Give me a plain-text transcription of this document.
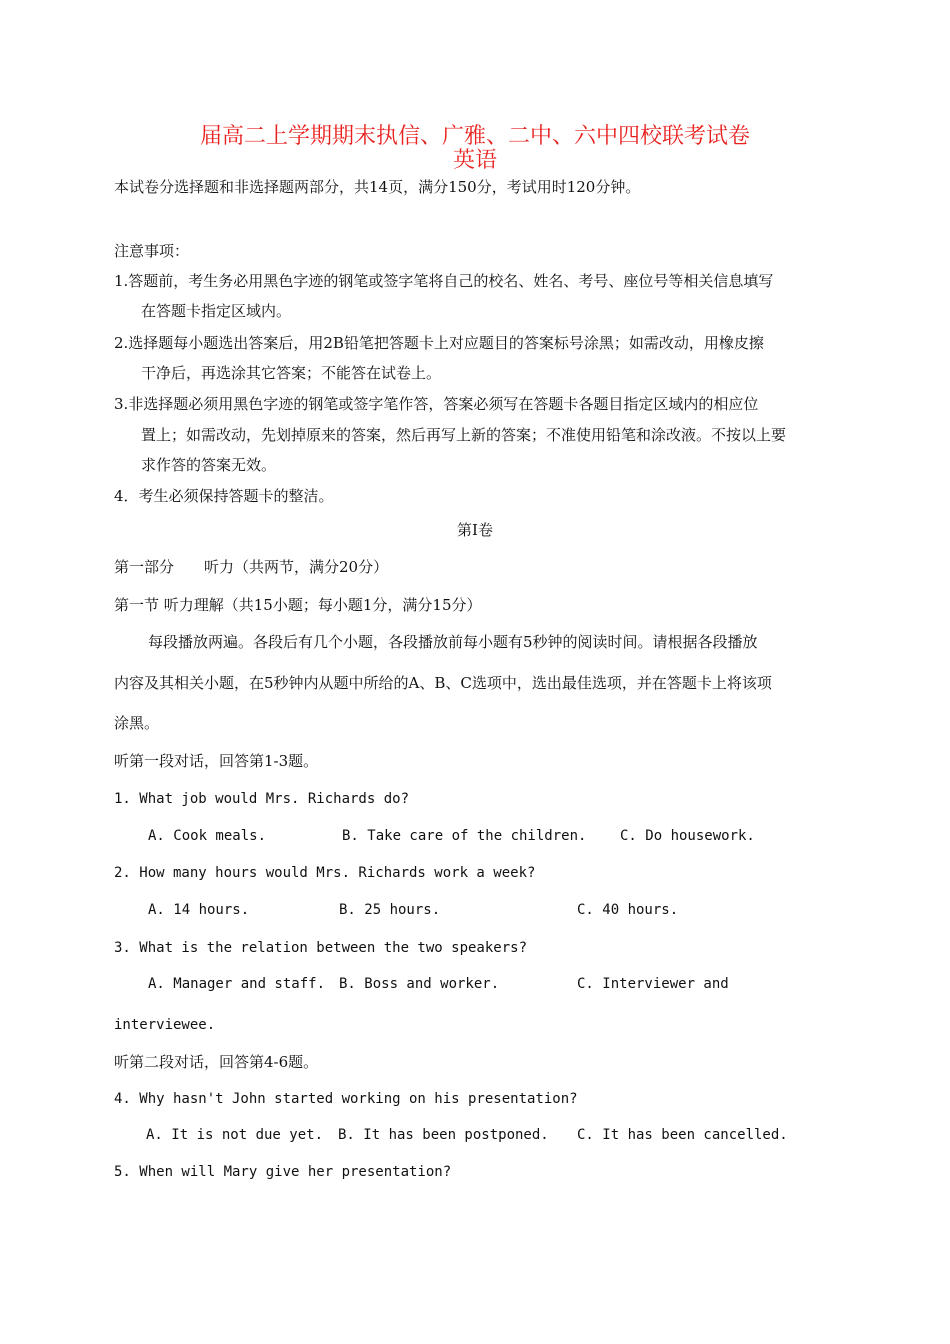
届高二上学期期末执信、广雅、二中、六中四校联考试卷
英语
本试卷分选择题和非选择题两部分，共14页，满分150分，考试用时120分钟。
注意事项：
1.答题前，考生务必用黑色字迹的钢笔或签字笔将自己的校名、姓名、考号、座位号等相关信息填写
在答题卡指定区域内。
2.选择题每小题选出答案后，用2B铅笔把答题卡上对应题目的答案标号涂黑；如需改动，用橡皮擦
干净后，再选涂其它答案；不能答在试卷上。
3.非选择题必须用黑色字迹的钢笔或签字笔作答，答案必须写在答题卡各题目指定区域内的相应位
置上；如需改动，先划掉原来的答案，然后再写上新的答案；不准使用铅笔和涂改液。不按以上要
求作答的答案无效。
4．考生必须保持答题卡的整洁。
第Ⅰ卷
第一部分　　听力（共两节，满分20分）
第一节 听力理解（共15小题；每小题1分，满分15分）
每段播放两遍。各段后有几个小题，各段播放前每小题有5秒钟的阅读时间。请根据各段播放
内容及其相关小题，在5秒钟内从题中所给的A、B、C选项中，选出最佳选项，并在答题卡上将该项
涂黑。
听第一段对话，回答第1-3题。
1. What job would Mrs. Richards do?
A. Cook meals.	B. Take care of the children. C. Do housework.
2. How many hours would Mrs. Richards work a week?
A. 14 hours.	B. 25 hours.	C. 40 hours.
3. What is the relation between the two speakers?
A. Manager and staff. B. Boss and worker.	C. Interviewer and
interviewee.
听第二段对话，回答第4-6题。
4. Why hasn't John started working on his presentation?
A. It is not due yet. B. It has been postponed. C. It has been cancelled.
5. When will Mary give her presentation?
